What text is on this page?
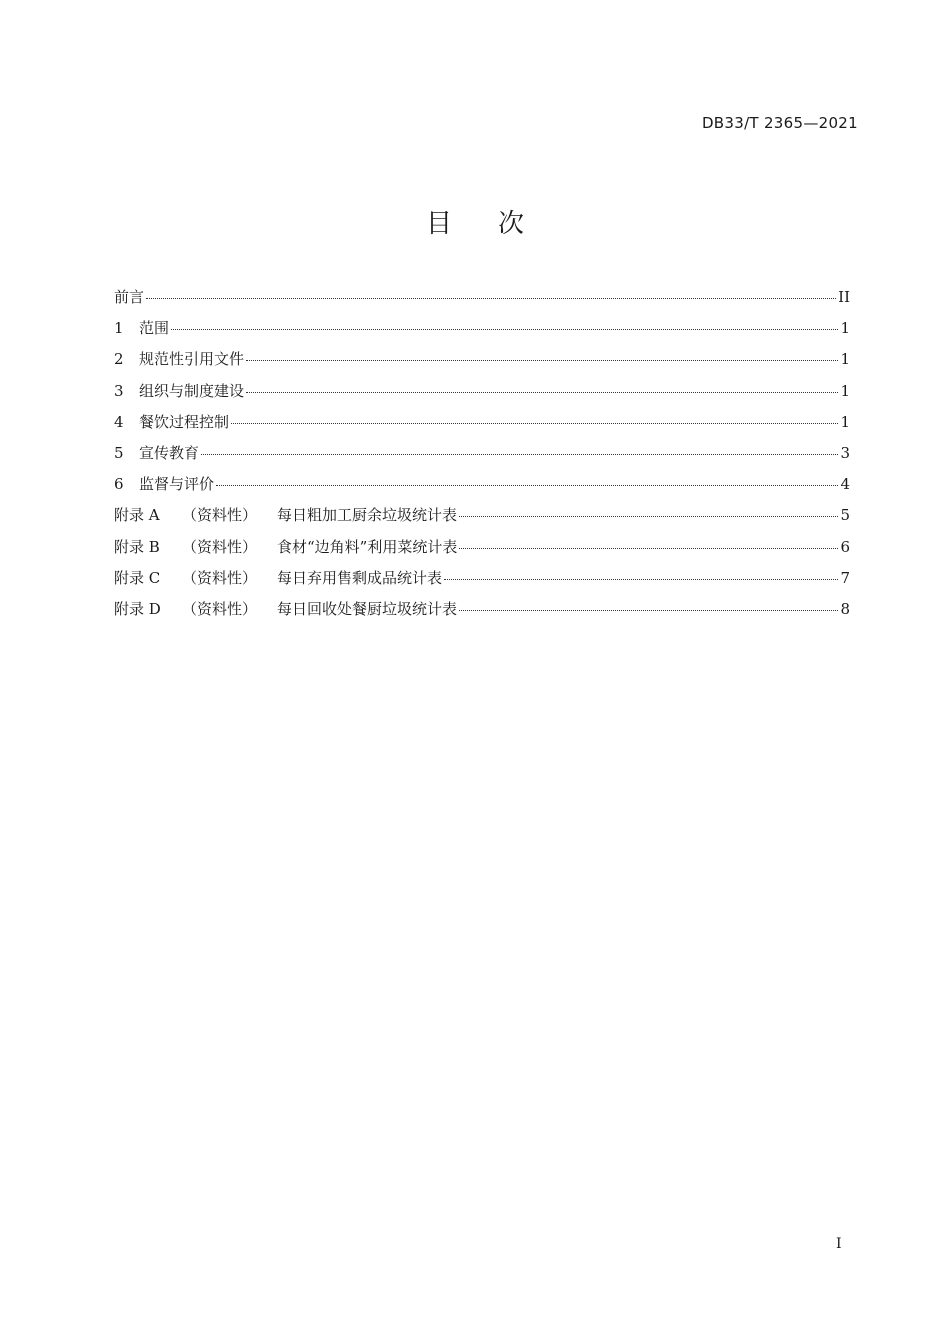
DB33/T 2365—2021
目次
前言	II
1	范围	1
2	规范性引用文件	1
3	组织与制度建设	1
4	餐饮过程控制	1
5	宣传教育	3
6	监督与评价	4
附录 A	（资料性）	每日粗加工厨余垃圾统计表	5
附录 B	（资料性）	食材“边角料”利用菜统计表	6
附录 C	（资料性）	每日弃用售剩成品统计表	7
附录 D	（资料性）	每日回收处餐厨垃圾统计表	8
I
